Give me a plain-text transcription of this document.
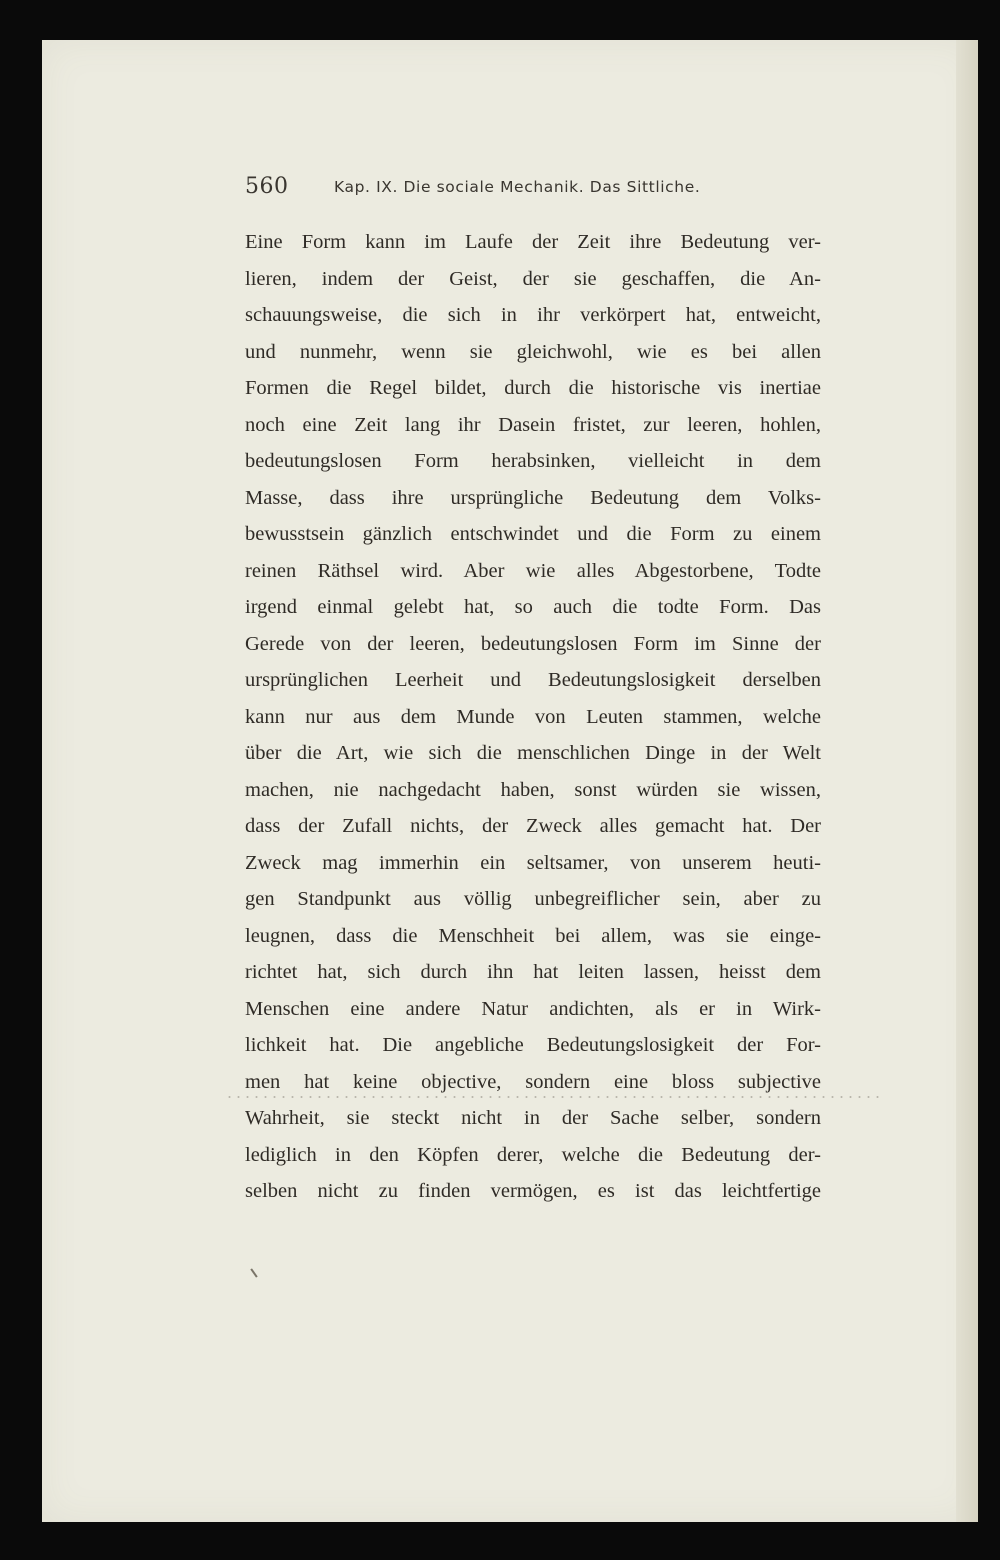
560	Kap. IX. Die sociale Mechanik. Das Sittliche.
Eine Form kann im Laufe der Zeit ihre Bedeutung ver-
lieren, indem der Geist, der sie geschaffen, die An-
schauungsweise, die sich in ihr verkörpert hat, entweicht,
und nunmehr, wenn sie gleichwohl, wie es bei allen
Formen die Regel bildet, durch die historische vis inertiae
noch eine Zeit lang ihr Dasein fristet, zur leeren, hohlen,
bedeutungslosen Form herabsinken, vielleicht in dem
Masse, dass ihre ursprüngliche Bedeutung dem Volks-
bewusstsein gänzlich entschwindet und die Form zu einem
reinen Räthsel wird. Aber wie alles Abgestorbene, Todte
irgend einmal gelebt hat, so auch die todte Form. Das
Gerede von der leeren, bedeutungslosen Form im Sinne der
ursprünglichen Leerheit und Bedeutungslosigkeit derselben
kann nur aus dem Munde von Leuten stammen, welche
über die Art, wie sich die menschlichen Dinge in der Welt
machen, nie nachgedacht haben, sonst würden sie wissen,
dass der Zufall nichts, der Zweck alles gemacht hat. Der
Zweck mag immerhin ein seltsamer, von unserem heuti-
gen Standpunkt aus völlig unbegreiflicher sein, aber zu
leugnen, dass die Menschheit bei allem, was sie einge-
richtet hat, sich durch ihn hat leiten lassen, heisst dem
Menschen eine andere Natur andichten, als er in Wirk-
lichkeit hat. Die angebliche Bedeutungslosigkeit der For-
men hat keine objective, sondern eine bloss subjective
Wahrheit, sie steckt nicht in der Sache selber, sondern
lediglich in den Köpfen derer, welche die Bedeutung der-
selben nicht zu finden vermögen, es ist das leichtfertige
